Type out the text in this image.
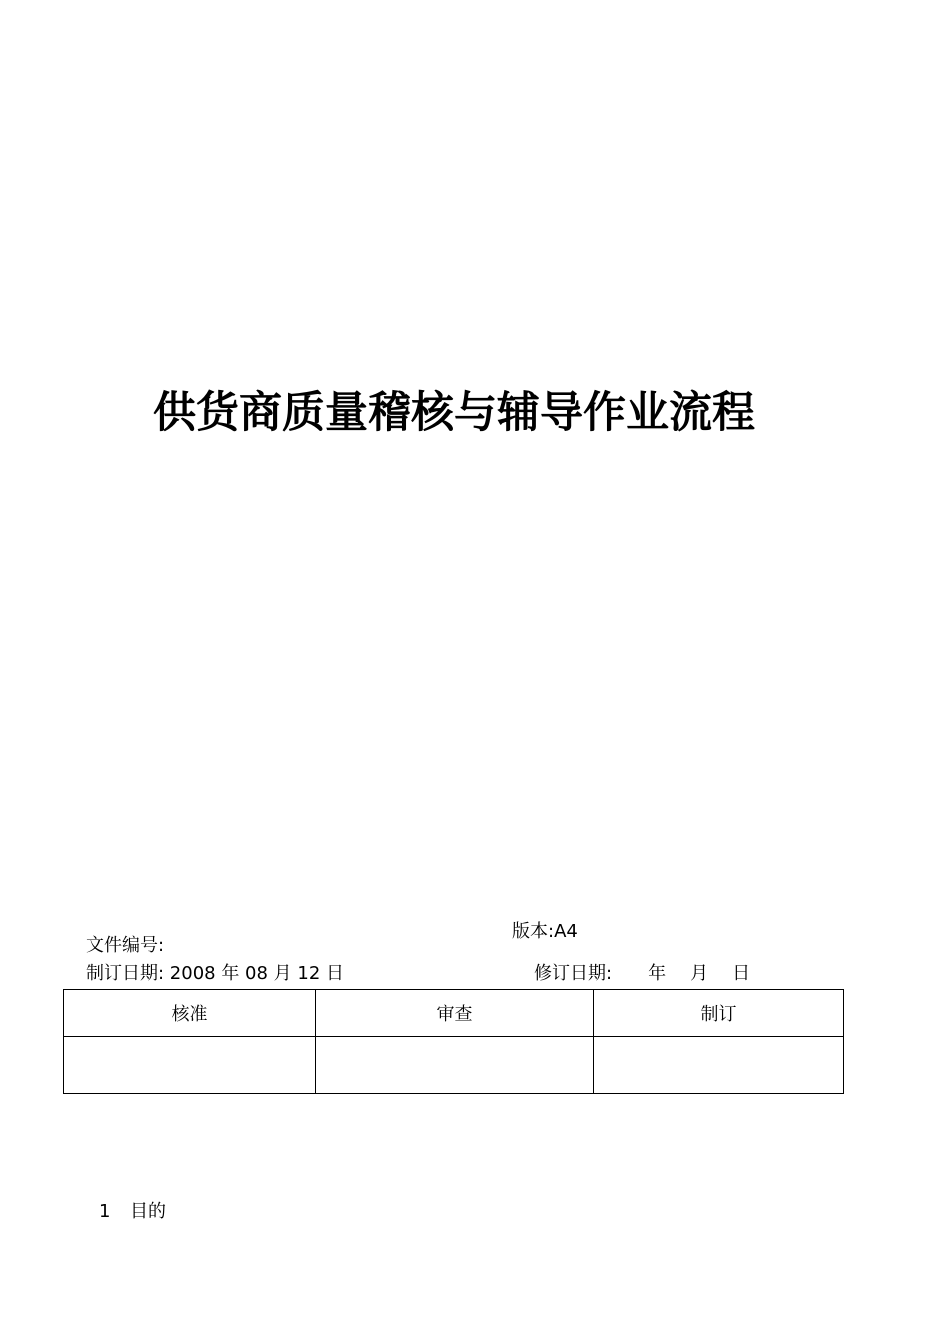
供货商质量稽核与辅导作业流程
版本:A4
文件编号:
制订日期: 2008 年 08 月 12 日	修订日期: 年 月 日
核准	审查	制订

1 目的
